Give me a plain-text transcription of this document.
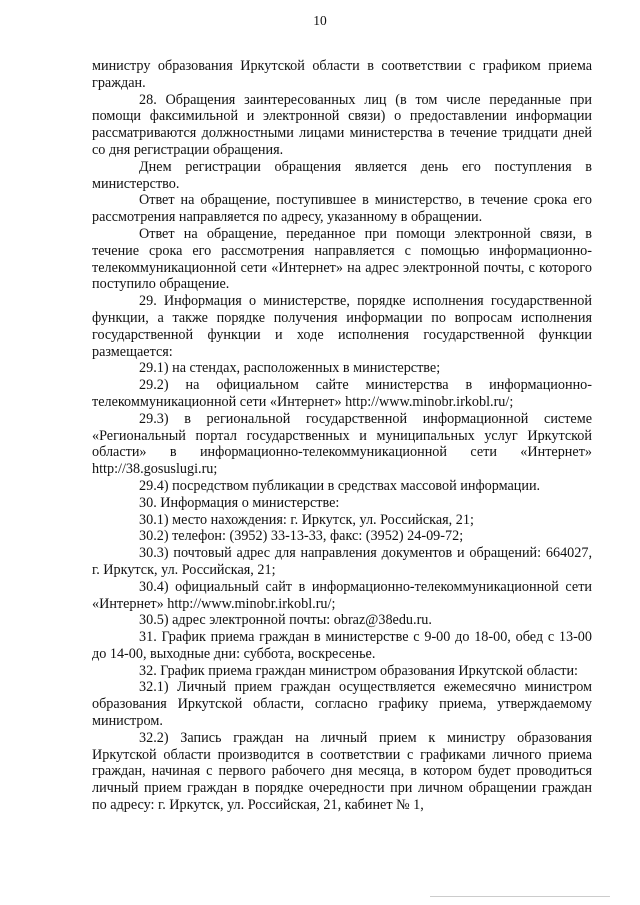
10

министру образования Иркутской области в соответствии с графиком приема граждан.

28. Обращения заинтересованных лиц (в том числе переданные при помощи факсимильной и электронной связи) о предоставлении информации рассматриваются должностными лицами министерства в течение тридцати дней со дня регистрации обращения.

Днем регистрации обращения является день его поступления в министерство.

Ответ на обращение, поступившее в министерство, в течение срока его рассмотрения направляется по адресу, указанному в обращении.

Ответ на обращение, переданное при помощи электронной связи, в течение срока его рассмотрения направляется с помощью информационно-телекоммуникационной сети «Интернет» на адрес электронной почты, с которого поступило обращение.

29. Информация о министерстве, порядке исполнения государственной функции, а также порядке получения информации по вопросам исполнения государственной функции и ходе исполнения государственной функции размещается:

29.1) на стендах, расположенных в министерстве;

29.2) на официальном сайте министерства в информационно-телекоммуникационной сети «Интернет» http://www.minobr.irkobl.ru/;

29.3) в региональной государственной информационной системе «Региональный портал государственных и муниципальных услуг Иркутской области» в информационно-телекоммуникационной сети «Интернет» http://38.gosuslugi.ru;

29.4) посредством публикации в средствах массовой информации.

30. Информация о министерстве:

30.1) место нахождения: г. Иркутск, ул. Российская, 21;

30.2) телефон: (3952) 33-13-33, факс: (3952) 24-09-72;

30.3) почтовый адрес для направления документов и обращений: 664027, г. Иркутск, ул. Российская, 21;

30.4) официальный сайт в информационно-телекоммуникационной сети «Интернет» http://www.minobr.irkobl.ru/;

30.5) адрес электронной почты: obraz@38edu.ru.

31. График приема граждан в министерстве с 9-00 до 18-00, обед с 13-00 до 14-00, выходные дни: суббота, воскресенье.

32. График приема граждан министром образования Иркутской области:

32.1) Личный прием граждан осуществляется ежемесячно министром образования Иркутской области, согласно графику приема, утверждаемому министром.

32.2) Запись граждан на личный прием к министру образования Иркутской области производится в соответствии с графиками личного приема граждан, начиная с первого рабочего дня месяца, в котором будет проводиться личный прием граждан в порядке очередности при личном обращении граждан по адресу: г. Иркутск, ул. Российская, 21, кабинет № 1,
